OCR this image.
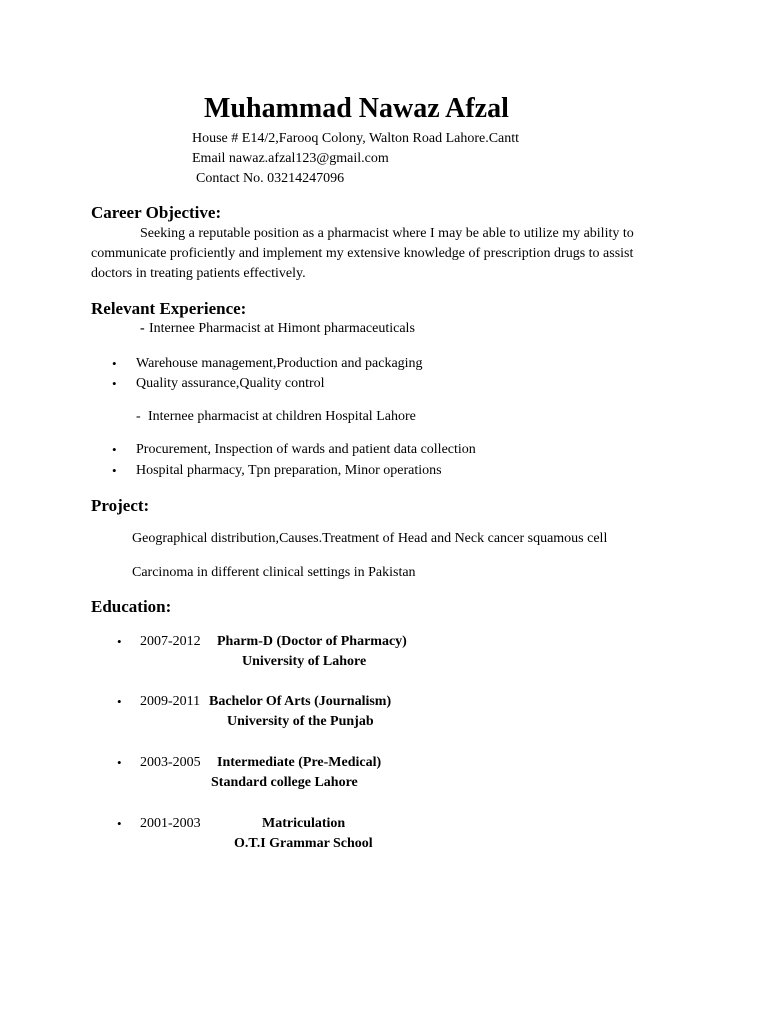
Muhammad Nawaz Afzal
House # E14/2,Farooq Colony, Walton Road Lahore.Cantt
Email nawaz.afzal123@gmail.com
Contact No. 03214247096
Career Objective:
Seeking a reputable position as a pharmacist where I may be able to utilize my ability to
communicate proficiently and implement my extensive knowledge of prescription drugs to assist
doctors in treating patients effectively.
Relevant Experience:
- Internee Pharmacist at Himont pharmaceuticals
• Warehouse management,Production and packaging
• Quality assurance,Quality control
- Internee pharmacist at children Hospital Lahore
• Procurement, Inspection of wards and patient data collection
• Hospital pharmacy, Tpn preparation, Minor operations
Project:
Geographical distribution,Causes.Treatment of Head and Neck cancer squamous cell
Carcinoma in different clinical settings in Pakistan
Education:
• 2007-2012 Pharm-D (Doctor of Pharmacy)
University of Lahore
• 2009-2011 Bachelor Of Arts (Journalism)
University of the Punjab
• 2003-2005 Intermediate (Pre-Medical)
Standard college Lahore
• 2001-2003	Matriculation
O.T.I Grammar School
